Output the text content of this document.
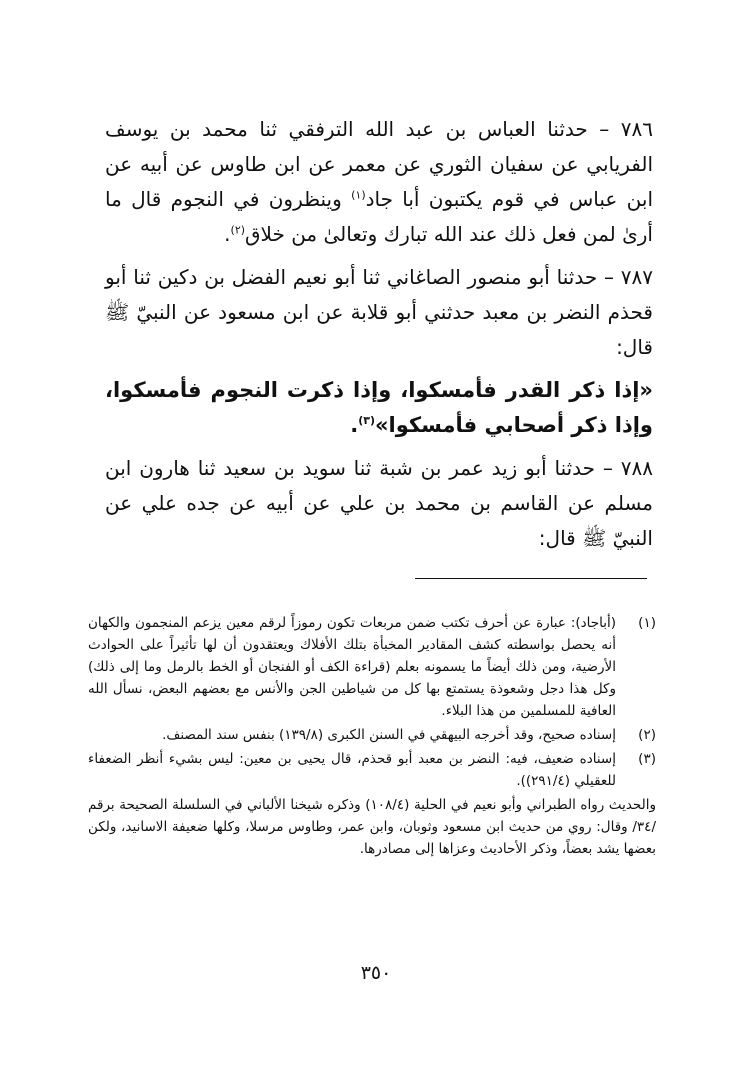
٧٨٦ – حدثنا العباس بن عبد الله الترفقي ثنا محمد بن يوسف الفريابي عن سفيان الثوري عن معمر عن ابن طاوس عن أبيه عن ابن عباس في قوم يكتبون أبا جاد$^{(١)}$ وينظرون في النجوم قال ما أرىٰ لمن فعل ذلك عند الله تبارك وتعالىٰ من خلاق$^{(٢)}$.

٧٨٧ – حدثنا أبو منصور الصاغاني ثنا أبو نعيم الفضل بن دكين ثنا أبو قحذم النضر بن معبد حدثني أبو قلابة عن ابن مسعود عن النبيّ ﷺ قال:

«إذا ذكر القدر فأمسكوا، وإذا ذكرت النجوم فأمسكوا، وإذا ذكر أصحابي فأمسكوا»$^{(٣)}$.

٧٨٨ – حدثنا أبو زيد عمر بن شبة ثنا سويد بن سعيد ثنا هارون ابن مسلم عن القاسم بن محمد بن علي عن أبيه عن جده علي عن النبيّ ﷺ قال:

(١)
(أباجاد): عبارة عن أحرف تكتب ضمن مربعات تكون رموزاً لرقم معين يزعم المنجمون والكهان أنه يحصل بواسطته كشف المقادير المخبأة بتلك الأفلاك ويعتقدون أن لها تأثيراً على الحوادث الأرضية، ومن ذلك أيضاً ما يسمونه بعلم (قراءة الكف أو الفنجان أو الخط بالرمل وما إلى ذلك) وكل هذا دجل وشعوذة يستمتع بها كل من شياطين الجن والأنس مع بعضهم البعض، نسأل الله العافية للمسلمين من هذا البلاء.
(٢)
إسناده صحيح، وقد أخرجه البيهقي في السنن الكبرى (١٣٩/٨) بنفس سند المصنف.
(٣)
إسناده ضعيف، فيه: النضر بن معبد أبو قحذم، قال يحيى بن معين: ليس بشيء أنظر الضعفاء للعقيلي (٢٩١/٤)).
والحديث رواه الطبراني وأبو نعيم في الحلية (١٠٨/٤) وذكره شيخنا الألباني في السلسلة الصحيحة برقم /٣٤/ وقال: روي من حديث ابن مسعود وثوبان، وابن عمر، وطاوس مرسلا، وكلها ضعيفة الاسانيد، ولكن بعضها يشد بعضاً، وذكر الأحاديث وعزاها إلى مصادرها.
٣٥٠
